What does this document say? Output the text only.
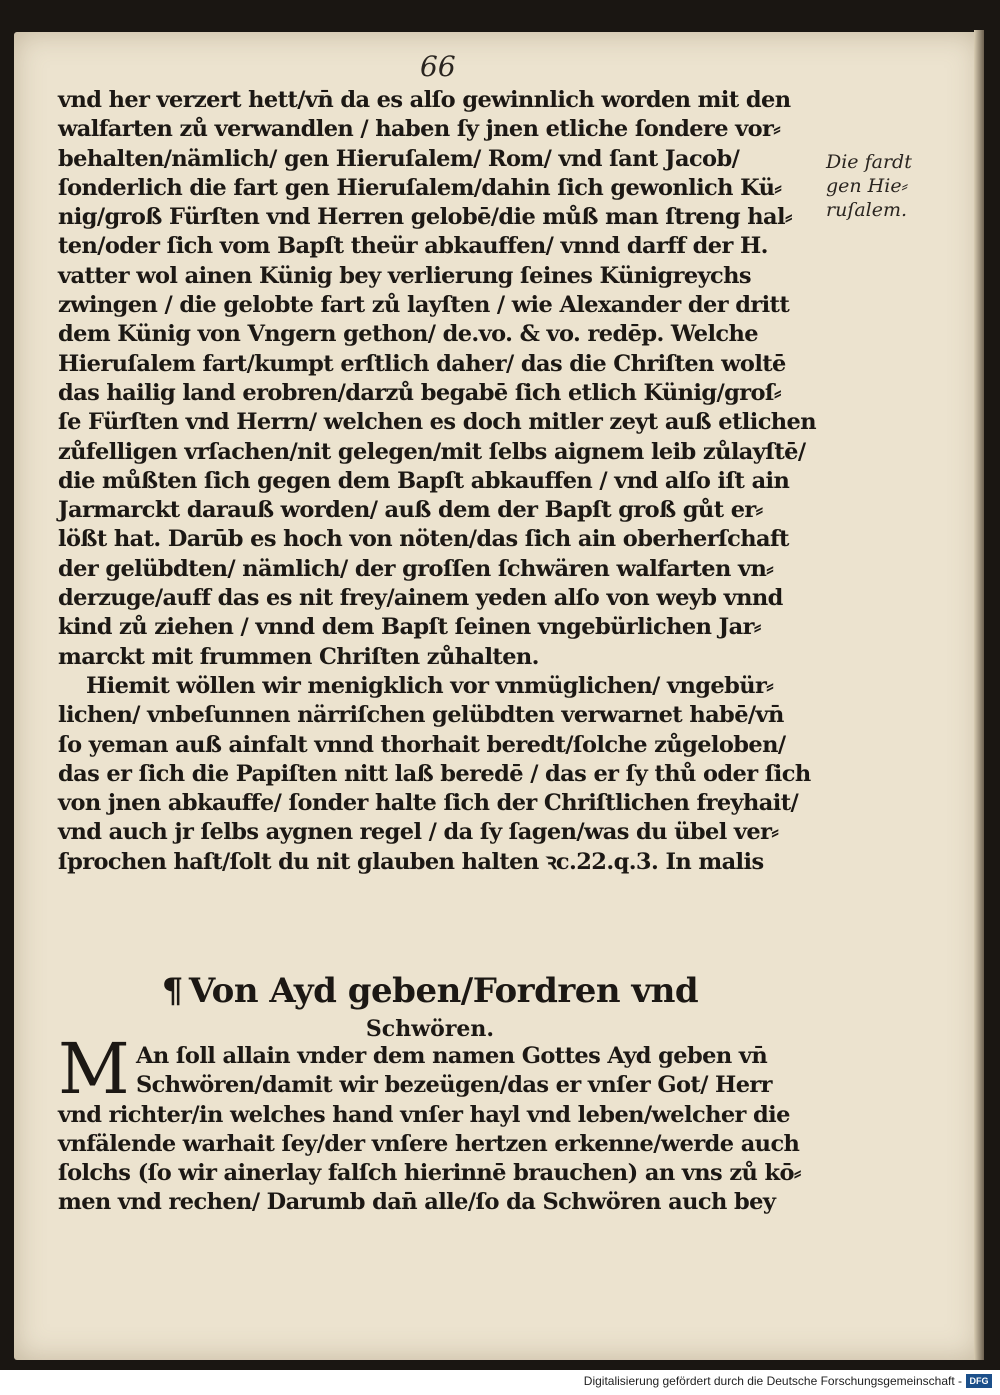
66
vnd her verzert hett/vn̄ da es alſo gewinnlich worden mit den
walfarten zů verwandlen / haben ſy jnen etliche ſondere vor⸗
behalten/nämlich/ gen Hieruſalem/ Rom/ vnd ſant Jacob/
ſonderlich die fart gen Hieruſalem/dahin ſich gewonlich Kü⸗
nig/groß Fürſten vnd Herren gelobē/die můß man ſtreng hal⸗
ten/oder ſich vom Bapſt theür abkauffen/ vnnd darff der H.
vatter wol ainen Künig bey verlierung ſeines Künigreychs
zwingen / die gelobte fart zů layſten / wie Alexander der dritt
dem Künig von Vngern gethon/ de.vo. & vo. redēp. Welche
Hieruſalem fart/kumpt erſtlich daher/ das die Chriſten woltē
das hailig land erobren/darzů begabē ſich etlich Künig/groſ⸗
ſe Fürſten vnd Herrn/ welchen es doch mitler zeyt auß etlichen
zůfelligen vrſachen/nit gelegen/mit ſelbs aignem leib zůlayſtē/
die můßten ſich gegen dem Bapſt abkauffen / vnd alſo iſt ain
Jarmarckt darauß worden/ auß dem der Bapſt groß gůt er⸗
lößt hat. Darūb es hoch von nöten/das ſich ain oberherſchaft
der gelübdten/ nämlich/ der groſſen ſchwären walfarten vn⸗
derzuge/auff das es nit frey/ainem yeden alſo von weyb vnnd
kind zů ziehen / vnnd dem Bapſt ſeinen vngebürlichen Jar⸗
marckt mit frummen Chriſten zůhalten.
Hiemit wöllen wir menigklich vor vnmüglichen/ vngebür⸗
lichen/ vnbeſunnen närriſchen gelübdten verwarnet habē/vn̄
ſo yeman auß ainfalt vnnd thorhait beredt/ſolche zůgeloben/
das er ſich die Papiſten nitt laß beredē / das er ſy thů oder ſich
von jnen abkauffe/ ſonder halte ſich der Chriſtlichen freyhait/
vnd auch jr ſelbs aygnen regel / da ſy ſagen/was du übel ver⸗
ſprochen haſt/ſolt du nit glauben halten ꝛc.22.q.3. In malis
Die fardt
gen Hie⸗
ruſalem.
¶ Von Ayd geben/Fordren vnd
Schwören.
M An ſoll allain vnder dem namen Gottes Ayd geben vn̄
Schwören/damit wir bezeügen/das er vnſer Got/ Herr
vnd richter/in welches hand vnſer hayl vnd leben/welcher die
vnfälende warhait ſey/der vnſere hertzen erkenne/werde auch
ſolchs (ſo wir ainerlay falſch hierinnē brauchen) an vns zů kō⸗
men vnd rechen/ Darumb dan̄ alle/ſo da Schwören auch bey
Digitalisierung gefördert durch die Deutsche Forschungsgemeinschaft - DFG
